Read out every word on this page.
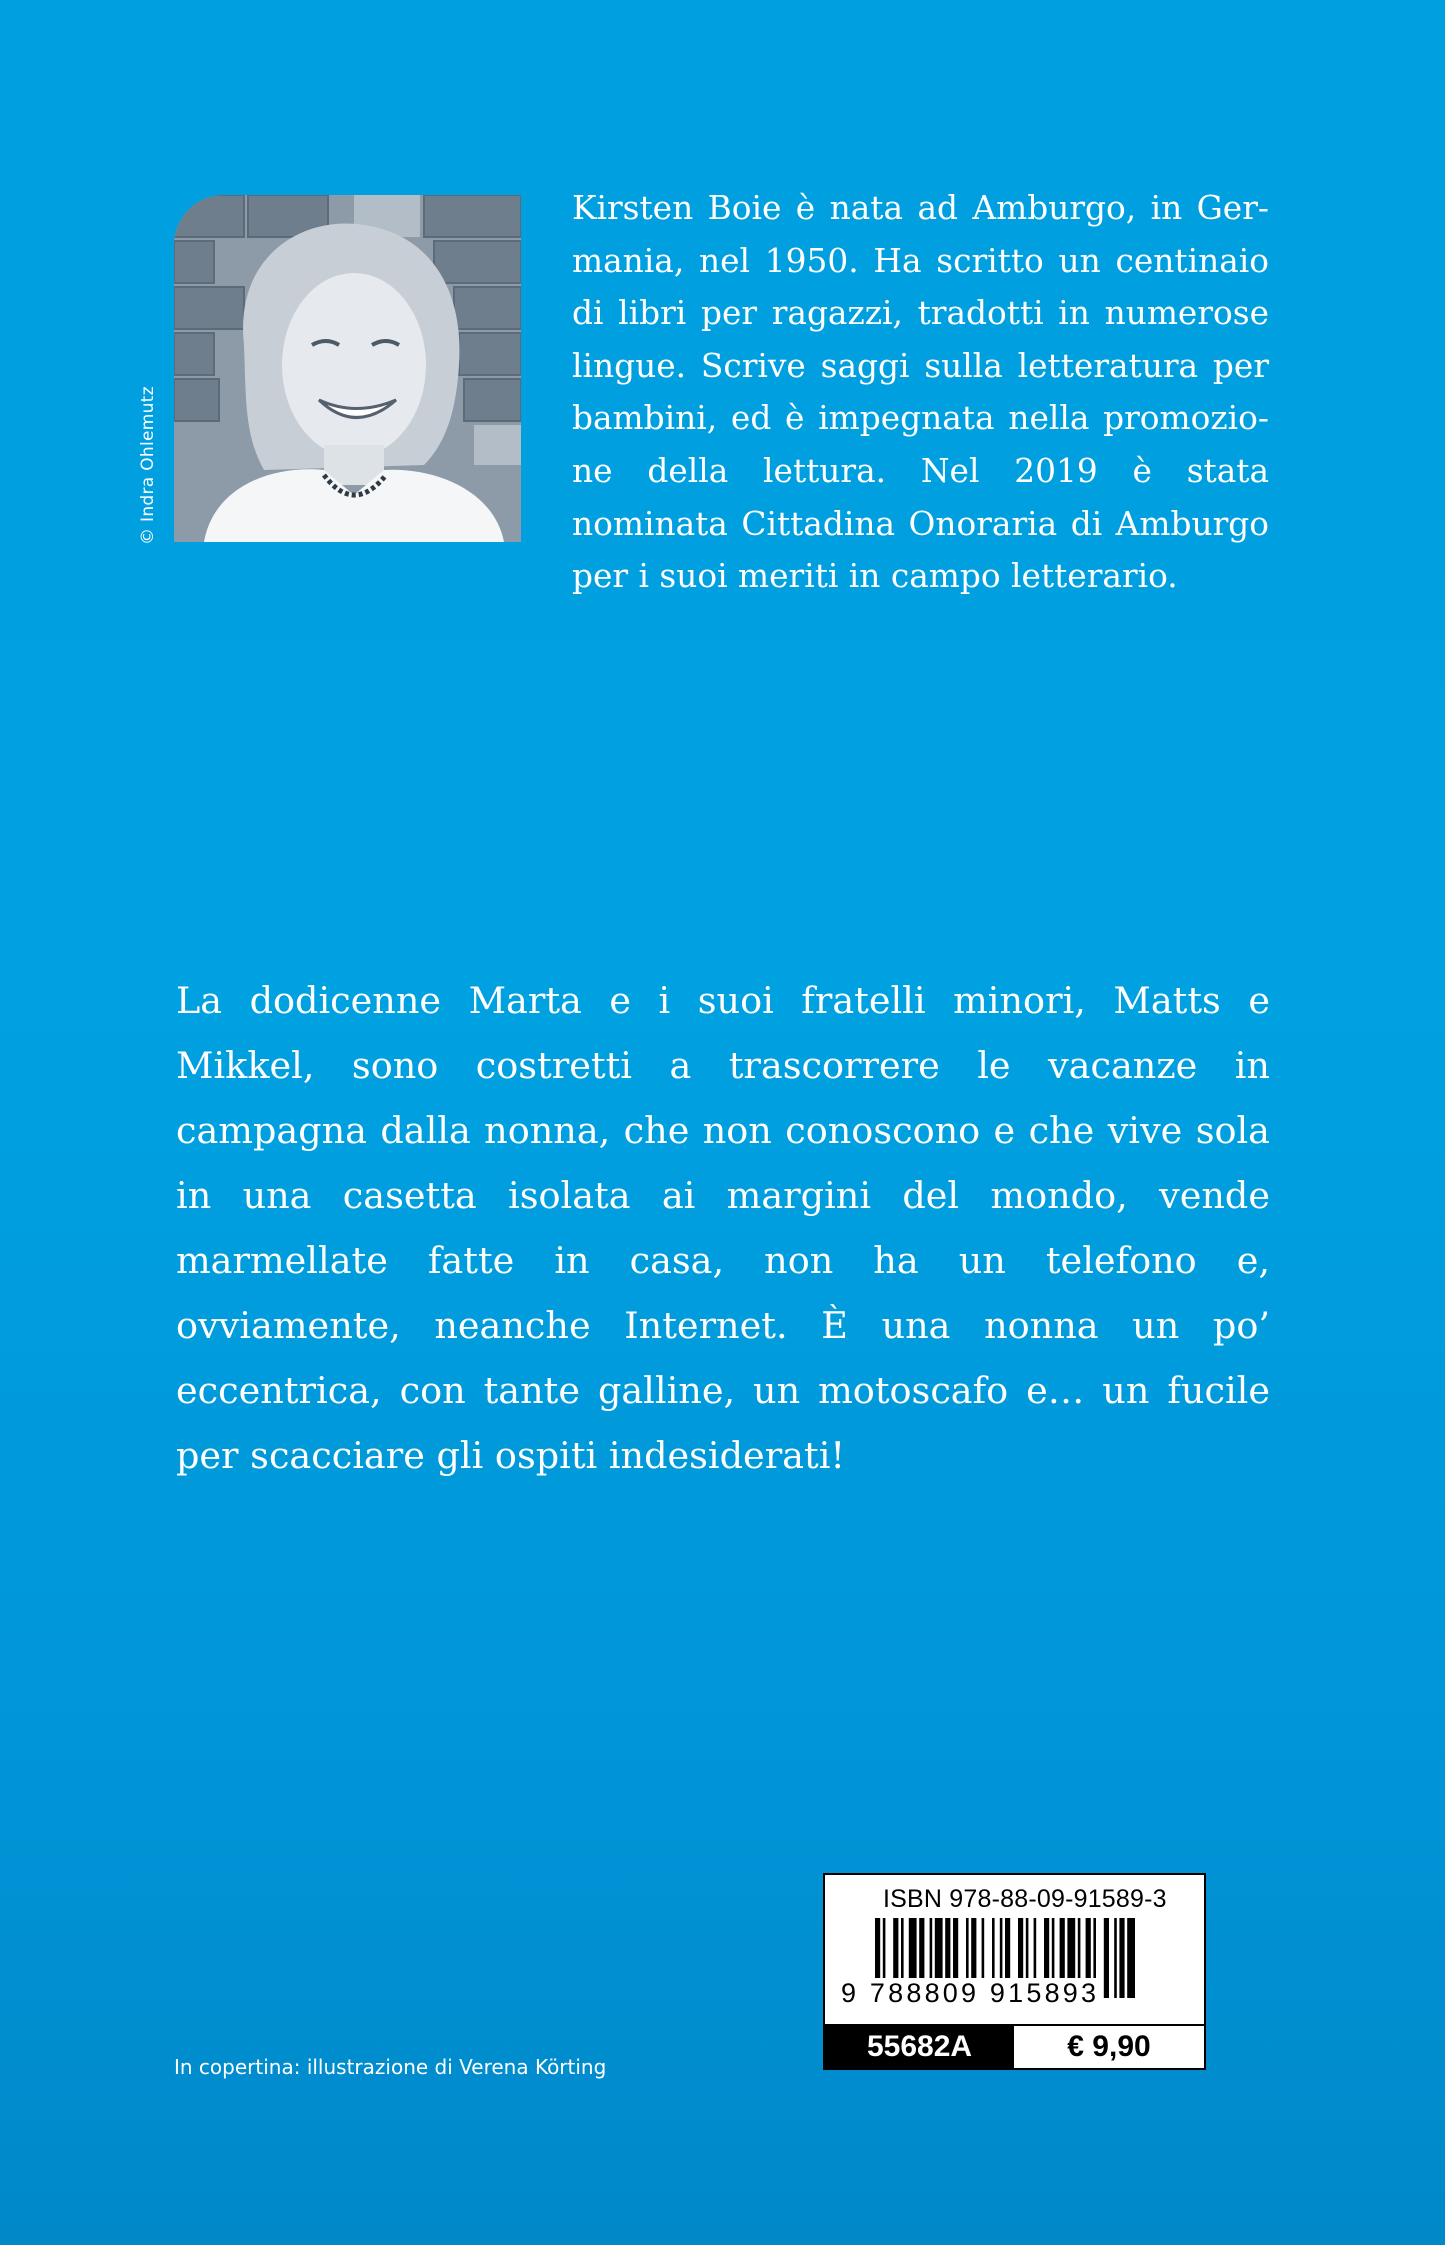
© Indra Ohlemutz

Kirsten Boie è nata ad Amburgo, in Germania, nel 1950. Ha scritto un centinaio di libri per ragazzi, tradotti in numerose lingue. Scrive saggi sulla letteratura per bambini, ed è impegnata nella promozione della lettura. Nel 2019 è stata nominata Cittadina Onoraria di Amburgo per i suoi meriti in campo letterario.

La dodicenne Marta e i suoi fratelli minori, Matts e Mikkel, sono costretti a trascorrere le vacanze in campagna dalla nonna, che non conoscono e che vive sola in una casetta isolata ai margini del mondo, vende marmellate fatte in casa, non ha un telefono e, ovviamente, neanche Internet. È una nonna un po’ eccentrica, con tante galline, un motoscafo e… un fucile per scacciare gli ospiti indesiderati!

ISBN 978-88-09-91589-3
9 788809 915893
55682A	€ 9,90
In copertina: illustrazione di Verena Körting
